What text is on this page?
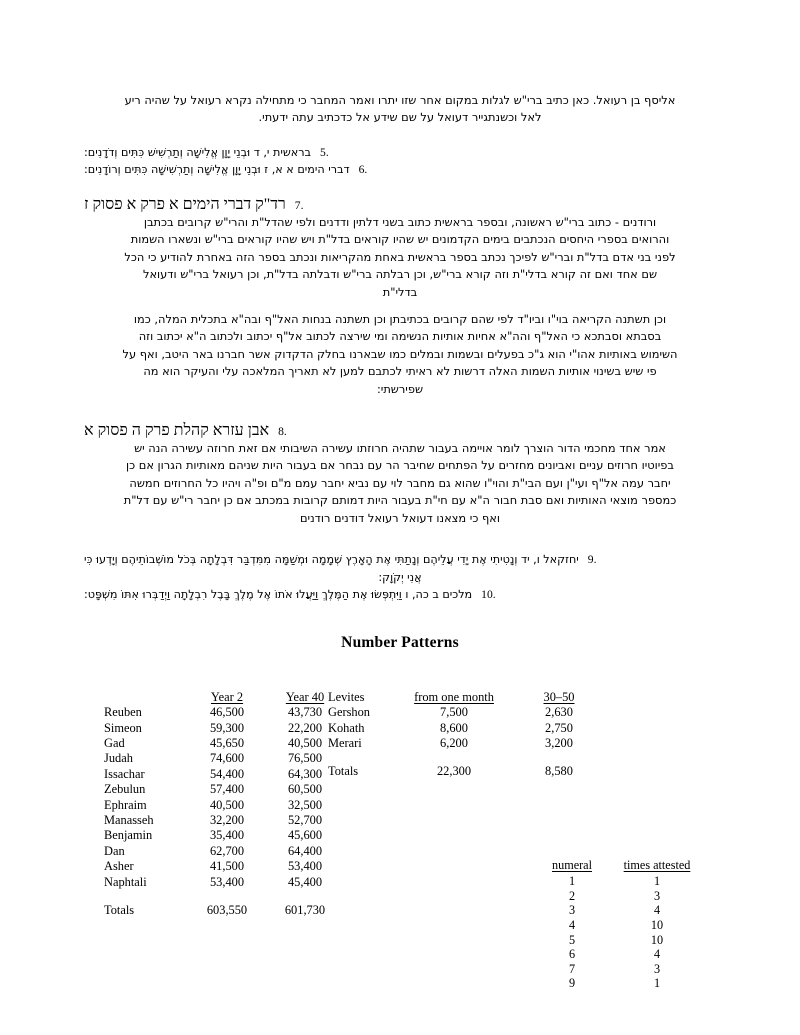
אליסף בן רעואל. כאן כתיב ברי"ש לגלות במקום אחר שזו יתרו ואמר המחבר כי מתחילה נקרא רעואל על שהיה ריע

לאל וכשנתגייר דעואל על שם שידע אל כדכתיב עתה ידעתי.

5.
בראשית י, ד וּבְנֵי יָוָן אֱלִישָׁה וְתַרְשִׁישׁ כִּתִּים וְדֹדָנִים:
6.
דברי הימים א א, ז וּבְנֵי יָוָן אֱלִישָׁה וְתַרְשִׁישָׁה כִּתִּים וְרוֹדָנִים:
7.
רד"ק דברי הימים א פרק א פסוק ז

ורודנים - כתוב ברי"ש ראשונה, ובספר בראשית כתוב בשני דלתין ודדנים ולפי שהדל"ת והרי"ש קרובים בכתבן

והרואים בספרי היחסים הנכתבים בימים הקדמונים יש שהיו קוראים בדל"ת ויש שהיו קוראים ברי"ש ונשארו השמות

לפני בני אדם בדל"ת וברי"ש לפיכך נכתב בספר בראשית באחת מהקריאות ונכתב בספר הזה באחרת להודיע כי הכל

שם אחד ואם זה קורא בדלי"ת וזה קורא ברי"ש, וכן רבלתה ברי"ש ודבלתה בדל"ת, וכן רעואל ברי"ש ודעואל

בדלי"ת

וכן תשתנה הקריאה בוי"ו וביו"ד לפי שהם קרובים בכתיבתן וכן תשתנה בנחות האל"ף ובה"א בתכלית המלה, כמו

בסבתא וסבתכא כי האל"ף והה"א אחיות אותיות הנשימה ומי שירצה לכתוב אל"ף יכתוב ולכתוב ה"א יכתוב וזה

השימוש באותיות אהו"י הוא ג"כ בפעלים ובשמות ובמלים כמו שבארנו בחלק הדקדוק אשר חברנו באר היטב, ואף על

פי שיש בשינוי אותיות השמות האלה דרשות לא ראיתי לכתבם למען לא תאריך המלאכה עלי והעיקר הוא מה

שפירשתי:

8.
אבן עזרא קהלת פרק ה פסוק א

אמר אחד מחכמי הדור הוצרך לומר אויימה בעבור שתהיה חרוזתו עשירה השיבותי אם זאת חרוזה עשירה הנה יש

בפיוטיו חרוזים עניים ואביונים מחזרים על הפתחים שחיבר הר עם נבחר אם בעבור היות שניהם מאותיות הגרון אם כן

יחבר עמה אל"ף ועי"ן ועם הבי"ת והוי"ו שהוא גם מחבר לוי עם נביא יחבר עמם מ"ם ופ"ה ויהיו כל החרוזים חמשה

כמספר מוצאי האותיות ואם סבת חבור ה"א עם חי"ת בעבור היות דמותם קרובות במכתב אם כן יחבר רי"ש עם דל"ת

ואף כי מצאנו דעואל רעואל דודנים רודנים

9.
יחזקאל ו, יד וְנָטִיתִי אֶת יָדִי עֲלֵיהֶם וְנָתַתִּי אֶת הָאָרֶץ שְׁמָמָה וּמְשַׁמָּה מִמִּדְבַּר דִּבְלָתָה בְּכֹל מוֹשְׁבוֹתֵיהֶם וְיָדְעוּ כִּי
אֲנִי יְקֹוָק:
10.
מלכים ב כה, ו וַיִּתְפְּשׂוּ אֶת הַמֶּלֶךְ וַיַּעֲלוּ אֹתוֹ אֶל מֶלֶךְ בָּבֶל רִבְלָתָה וַיְדַבְּרוּ אִתּוֹ מִשְׁפָּט:
Number Patterns
	Year 2	Year 40
Reuben	46,500	43,730
Simeon	59,300	22,200
Gad	45,650	40,500
Judah	74,600	76,500
Issachar	54,400	64,300
Zebulun	57,400	60,500
Ephraim	40,500	32,500
Manasseh	32,200	52,700
Benjamin	35,400	45,600
Dan	62,700	64,400
Asher	41,500	53,400
Naphtali	53,400	45,400

Totals	603,550	601,730
Levites	from one month	30–50
Gershon	7,500	2,630
Kohath	8,600	2,750
Merari	6,200	3,200

Totals	22,300	8,580
numeral	times attested
1	1
2	3
3	4
4	10
5	10
6	4
7	3
9	1
